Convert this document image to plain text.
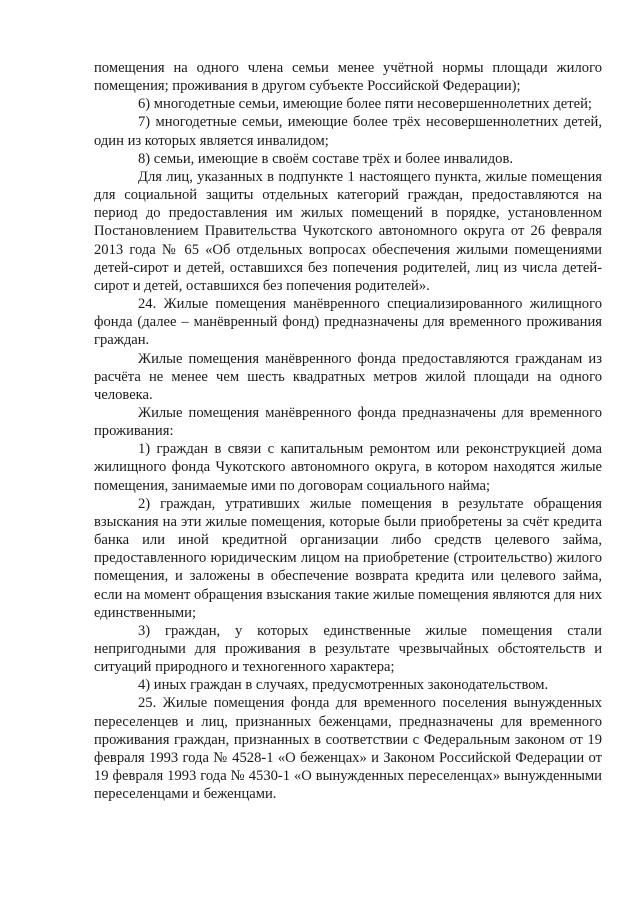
помещения на одного члена семьи менее учётной нормы площади жилого помещения; проживания в другом субъекте Российской Федерации);

6) многодетные семьи, имеющие более пяти несовершеннолетних детей;

7) многодетные семьи, имеющие более трёх несовершеннолетних детей, один из которых является инвалидом;

8) семьи, имеющие в своём составе трёх и более инвалидов.

Для лиц, указанных в подпункте 1 настоящего пункта, жилые помещения для социальной защиты отдельных категорий граждан, предоставляются на период до предоставления им жилых помещений в порядке, установленном Постановлением Правительства Чукотского автономного округа от 26 февраля 2013 года № 65 «Об отдельных вопросах обеспечения жилыми помещениями детей-сирот и детей, оставшихся без попечения родителей, лиц из числа детей-сирот и детей, оставшихся без попечения родителей».

24. Жилые помещения манёвренного специализированного жилищного фонда (далее – манёвренный фонд) предназначены для временного проживания граждан.

Жилые помещения манёвренного фонда предоставляются гражданам из расчёта не менее чем шесть квадратных метров жилой площади на одного человека.

Жилые помещения манёвренного фонда предназначены для временного проживания:

1) граждан в связи с капитальным ремонтом или реконструкцией дома жилищного фонда Чукотского автономного округа, в котором находятся жилые помещения, занимаемые ими по договорам социального найма;

2) граждан, утративших жилые помещения в результате обращения взыскания на эти жилые помещения, которые были приобретены за счёт кредита банка или иной кредитной организации либо средств целевого займа, предоставленного юридическим лицом на приобретение (строительство) жилого помещения, и заложены в обеспечение возврата кредита или целевого займа, если на момент обращения взыскания такие жилые помещения являются для них единственными;

3) граждан, у которых единственные жилые помещения стали непригодными для проживания в результате чрезвычайных обстоятельств и ситуаций природного и техногенного характера;

4) иных граждан в случаях, предусмотренных законодательством.

25. Жилые помещения фонда для временного поселения вынужденных переселенцев и лиц, признанных беженцами, предназначены для временного проживания граждан, признанных в соответствии с Федеральным законом от 19 февраля 1993 года № 4528-1 «О беженцах» и Законом Российской Федерации от 19 февраля 1993 года № 4530-1 «О вынужденных переселенцах» вынужденными переселенцами и беженцами.
